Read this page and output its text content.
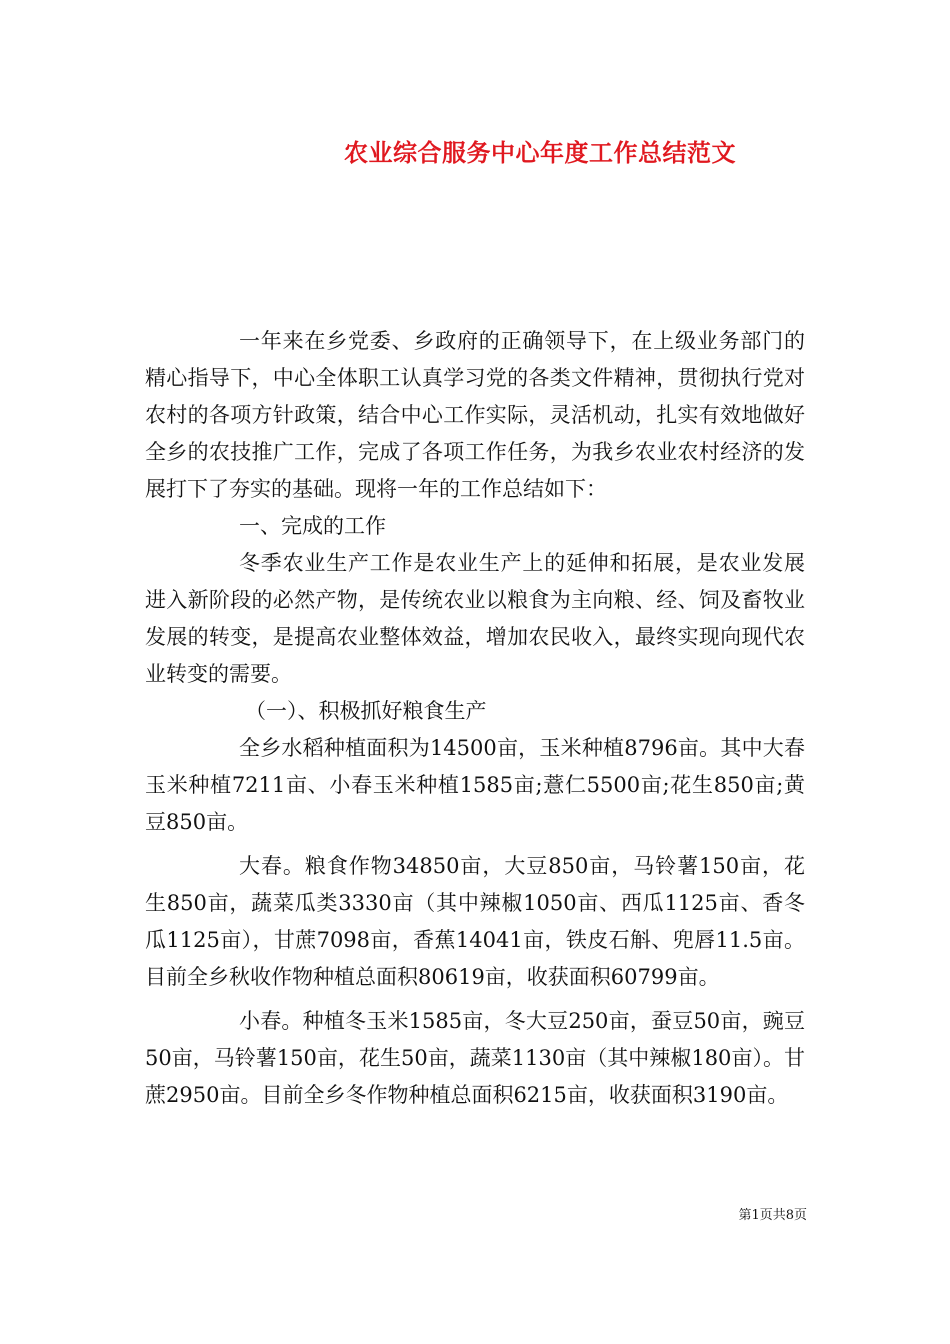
农业综合服务中心年度工作总结范文

一年来在乡党委、乡政府的正确领导下，在上级业务部门的精心指导下，中心全体职工认真学习党的各类文件精神，贯彻执行党对农村的各项方针政策，结合中心工作实际，灵活机动，扎实有效地做好全乡的农技推广工作，完成了各项工作任务，为我乡农业农村经济的发展打下了夯实的基础。现将一年的工作总结如下：

一、完成的工作

冬季农业生产工作是农业生产上的延伸和拓展，是农业发展进入新阶段的必然产物，是传统农业以粮食为主向粮、经、饲及畜牧业发展的转变，是提高农业整体效益，增加农民收入，最终实现向现代农业转变的需要。

（一）、积极抓好粮食生产

全乡水稻种植面积为14500亩，玉米种植8796亩。其中大春玉米种植7211亩、小春玉米种植1585亩;薏仁5500亩;花生850亩;黄豆850亩。

大春。粮食作物34850亩，大豆850亩，马铃薯150亩，花生850亩，蔬菜瓜类3330亩（其中辣椒1050亩、西瓜1125亩、香冬瓜1125亩），甘蔗7098亩，香蕉14041亩，铁皮石斛、兜唇11.5亩。目前全乡秋收作物种植总面积80619亩，收获面积60799亩。

小春。种植冬玉米1585亩，冬大豆250亩，蚕豆50亩，豌豆50亩，马铃薯150亩，花生50亩，蔬菜1130亩（其中辣椒180亩）。甘蔗2950亩。目前全乡冬作物种植总面积6215亩，收获面积3190亩。

第1页共8页
